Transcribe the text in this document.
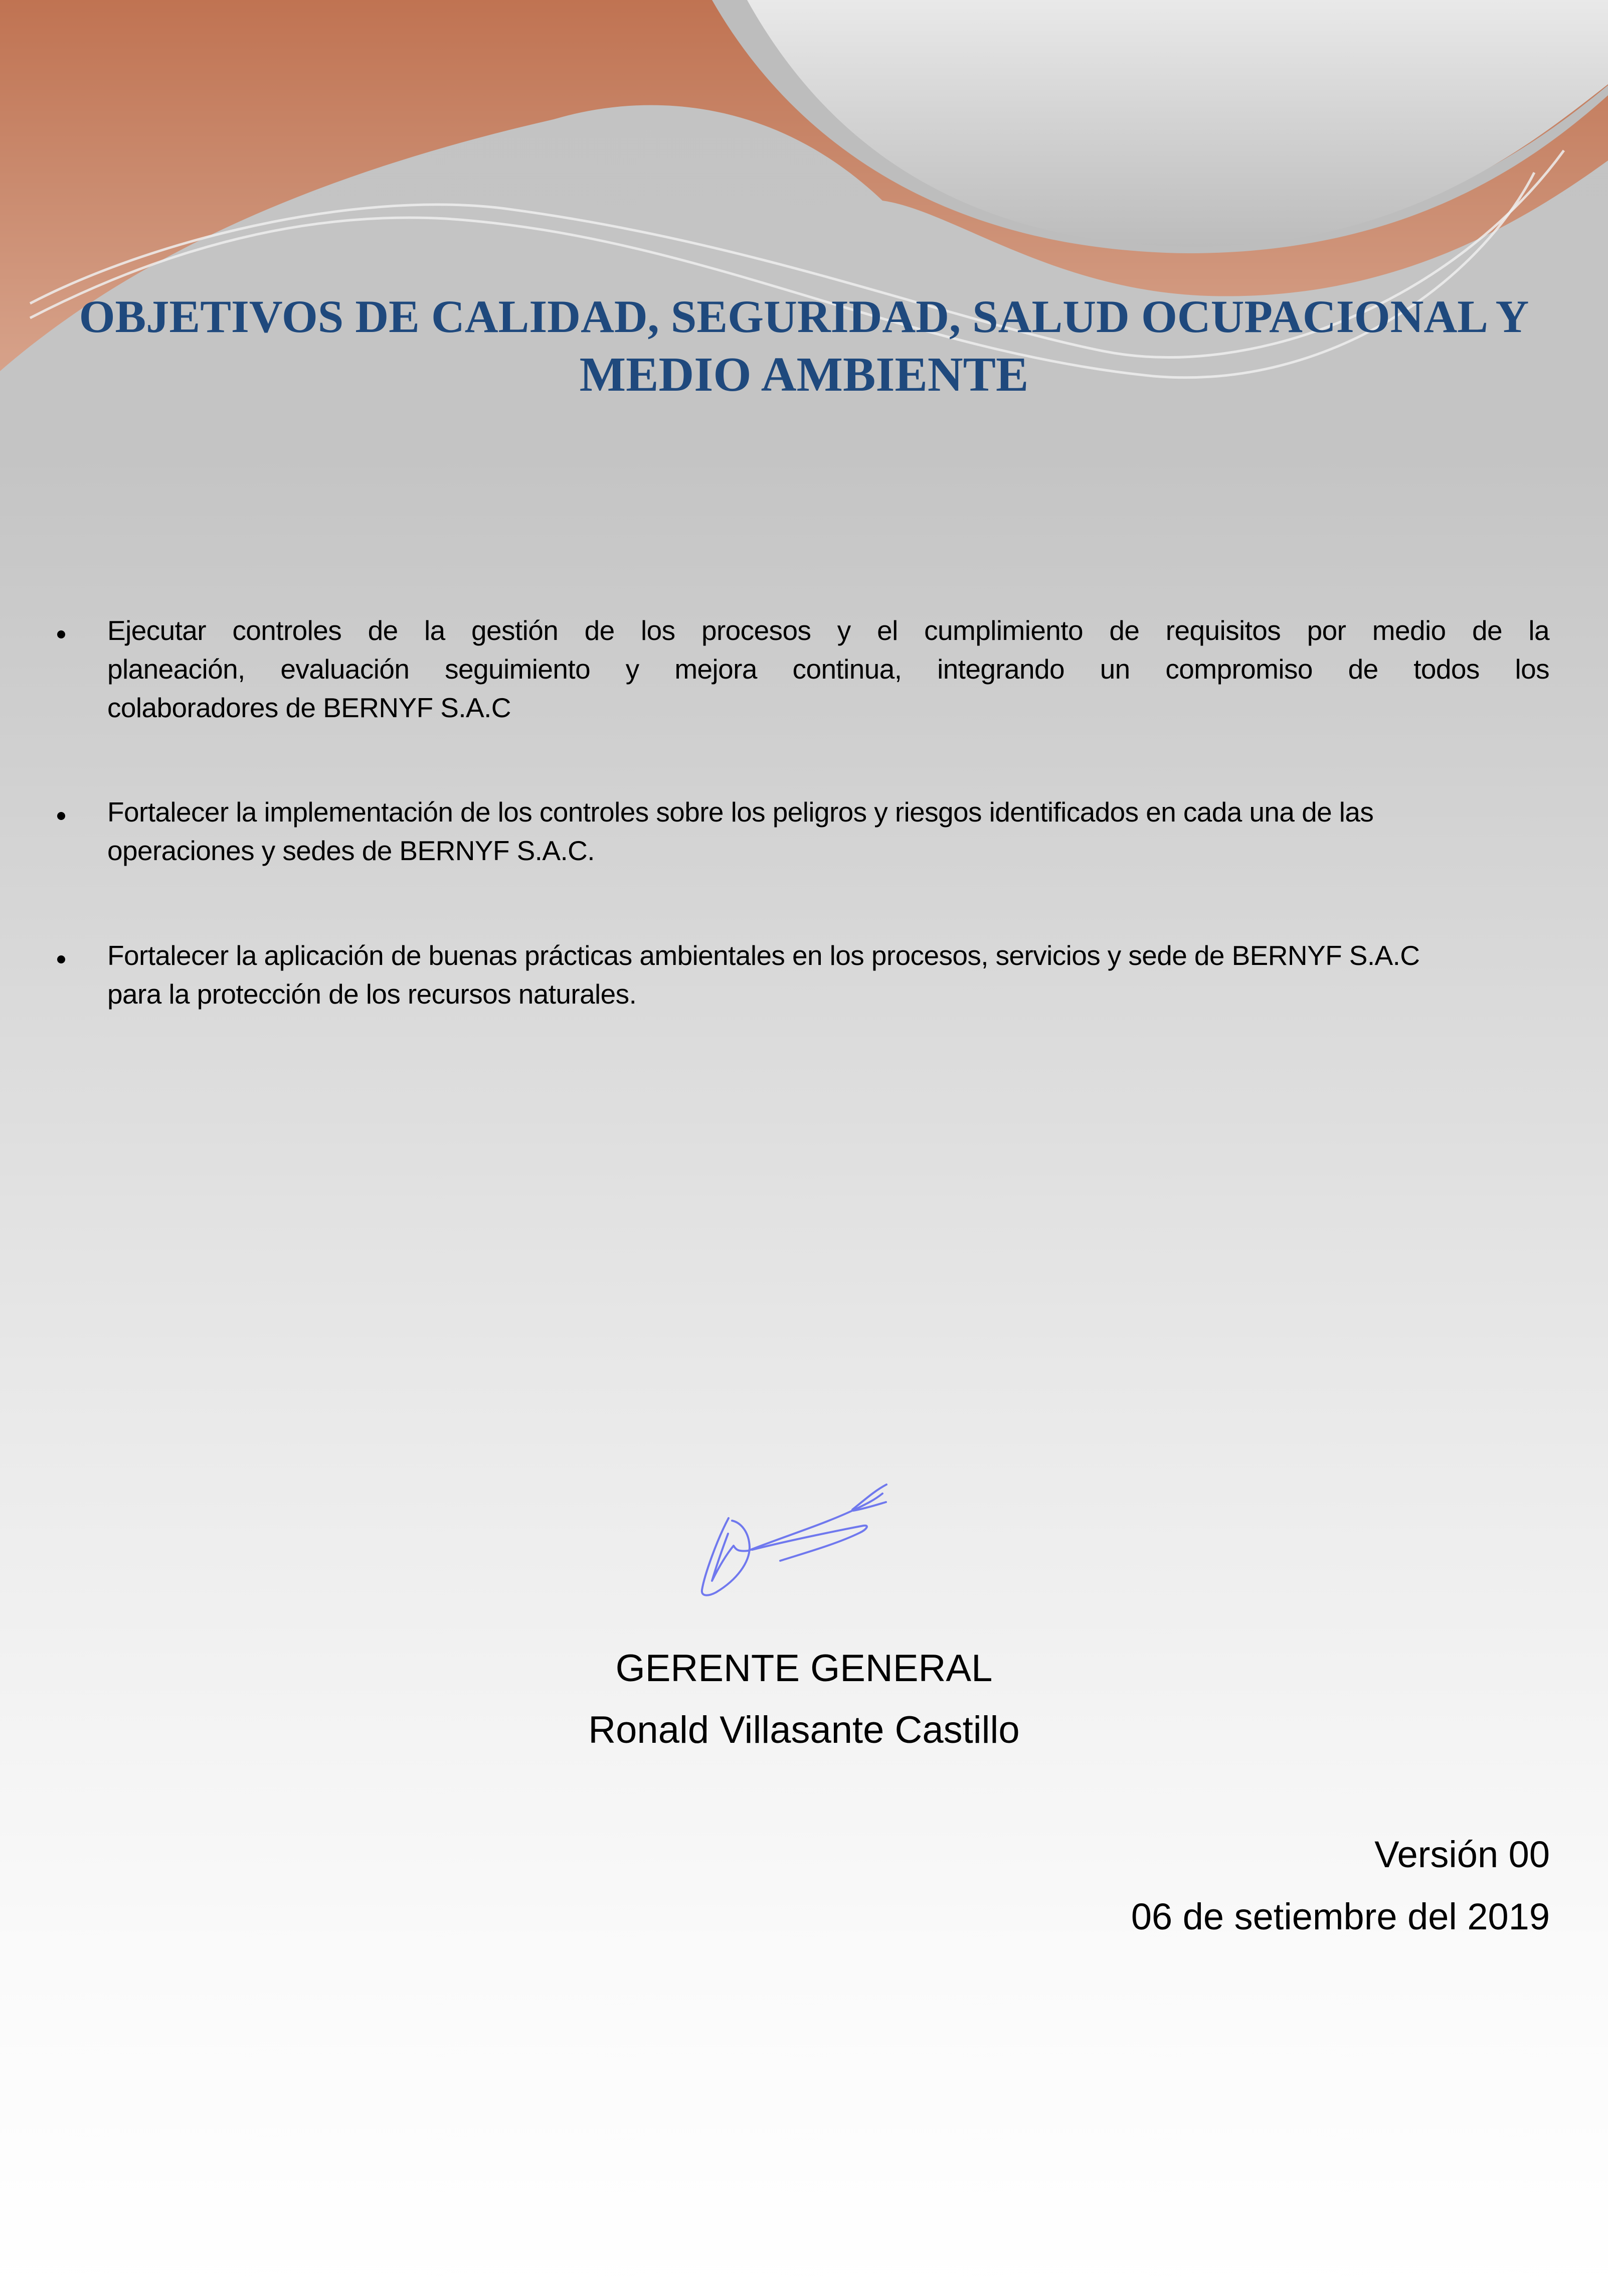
OBJETIVOS DE CALIDAD, SEGURIDAD, SALUD OCUPACIONAL Y
MEDIO AMBIENTE
Ejecutar controles de la gestión de los procesos y el cumplimiento de requisitos por medio de la
planeación, evaluación seguimiento y mejora continua, integrando un compromiso de todos los
colaboradores de BERNYF S.A.C
Fortalecer la implementación de los controles sobre los peligros y riesgos identificados en cada una de las
operaciones y sedes de BERNYF S.A.C.
Fortalecer la aplicación de buenas prácticas ambientales en los procesos, servicios y sede de BERNYF S.A.C
para la protección de los recursos naturales.
GERENTE GENERAL
Ronald Villasante Castillo
Versión 00
06 de setiembre del 2019
